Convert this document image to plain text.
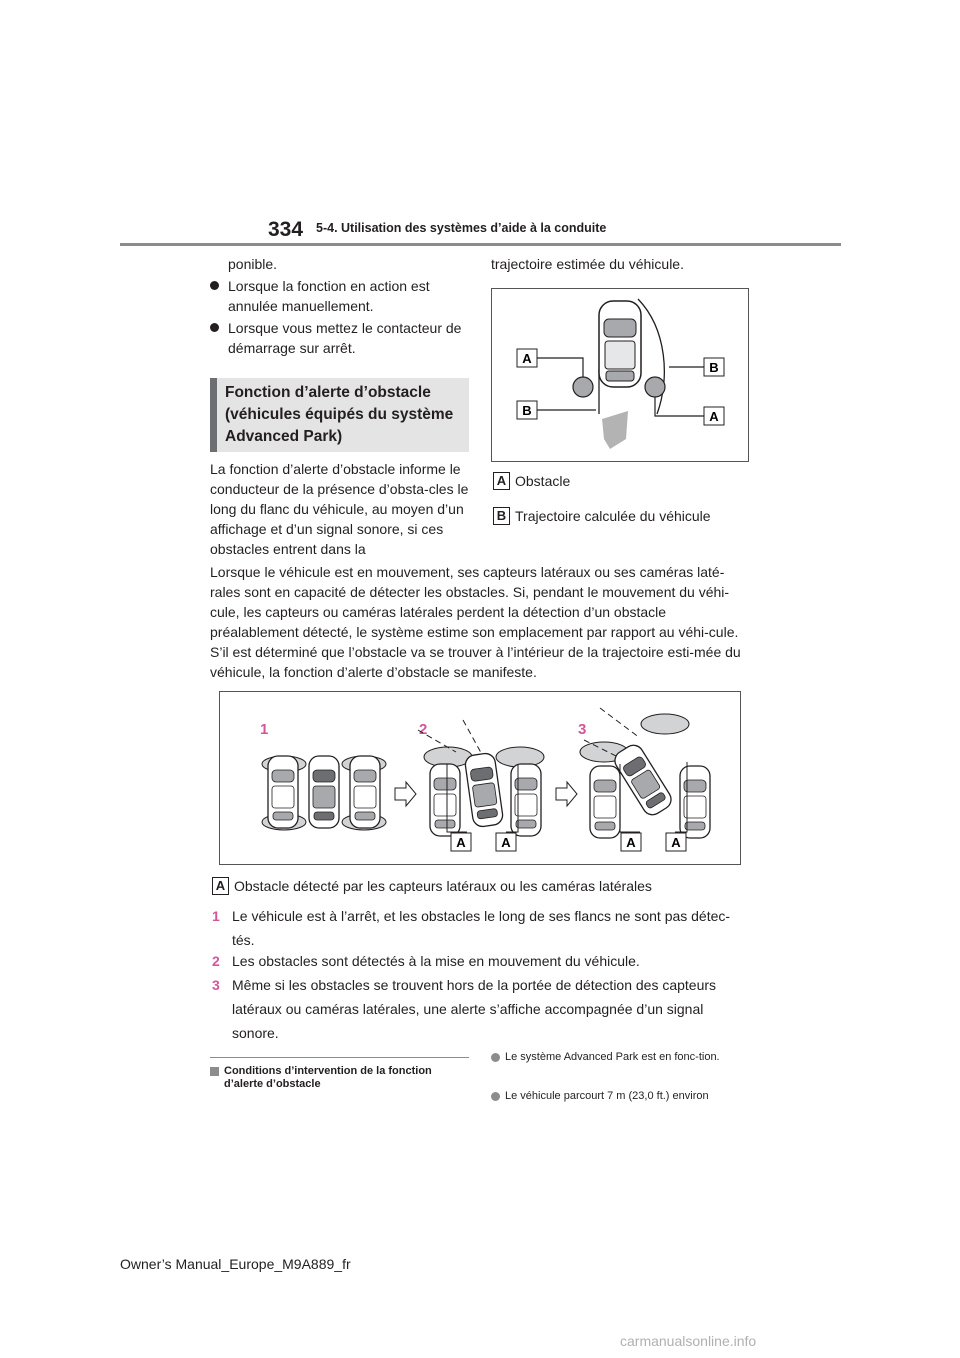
334 5-4. Utilisation des systèmes d’aide à la conduite
ponible.
Lorsque la fonction en action est annulée manuellement.
Lorsque vous mettez le contacteur de démarrage sur arrêt.
Fonction d’alerte d’obstacle (véhicules équipés du système Advanced Park)
La fonction d’alerte d’obstacle informe le conducteur de la présence d’obsta-cles le long du flanc du véhicule, au moyen d’un affichage et d’un signal sonore, si ces obstacles entrent dans la
trajectoire estimée du véhicule.
A
B
B
A
A Obstacle
B Trajectoire calculée du véhicule
Lorsque le véhicule est en mouvement, ses capteurs latéraux ou ses caméras laté-rales sont en capacité de détecter les obstacles. Si, pendant le mouvement du véhi-cule, les capteurs ou caméras latérales perdent la détection d’un obstacle préalablement détecté, le système estime son emplacement par rapport au véhi-cule. S’il est déterminé que l’obstacle va se trouver à l’intérieur de la trajectoire esti-mée du véhicule, la fonction d’alerte d’obstacle se manifeste.
1	2	3
A	A	A	A
A Obstacle détecté par les capteurs latéraux ou les caméras latérales
1 Le véhicule est à l’arrêt, et les obstacles le long de ses flancs ne sont pas détec-tés.
2 Les obstacles sont détectés à la mise en mouvement du véhicule.
3 Même si les obstacles se trouvent hors de la portée de détection des capteurs latéraux ou caméras latérales, une alerte s’affiche accompagnée d’un signal sonore.
Conditions d’intervention de la fonction d’alerte d’obstacle
Le système Advanced Park est en fonc-tion.
Le véhicule parcourt 7 m (23,0 ft.) environ
Owner’s Manual_Europe_M9A889_fr
carmanualsonline.info
